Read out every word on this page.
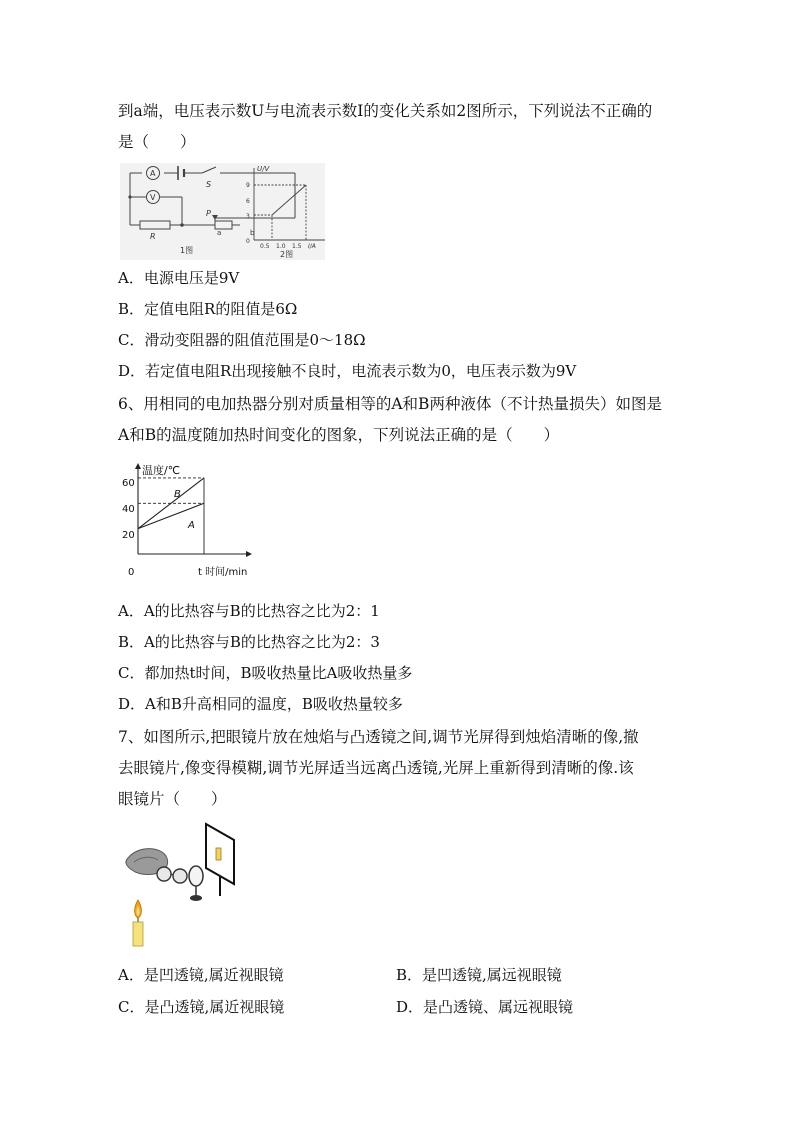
到a端，电压表示数U与电流表示数I的变化关系如2图所示，下列说法不正确的
是（　　）
A
V
S
R
P
a	b
1图
U/V
9
6
3
0
0.5 1.0 1.5 I/A
2图
A．电源电压是9V
B．定值电阻R的阻值是6Ω
C．滑动变阻器的阻值范围是0～18Ω
D．若定值电阻R出现接触不良时，电流表示数为0，电压表示数为9V
6、用相同的电加热器分别对质量相等的A和B两种液体（不计热量损失）如图是
A和B的温度随加热时间变化的图象，下列说法正确的是（　　）
温度/℃
60
40
20
0	t 时间/min
B
A
A．A的比热容与B的比热容之比为2：1
B．A的比热容与B的比热容之比为2：3
C．都加热t时间，B吸收热量比A吸收热量多
D．A和B升高相同的温度，B吸收热量较多
7、如图所示,把眼镜片放在烛焰与凸透镜之间,调节光屏得到烛焰清晰的像,撤
去眼镜片,像变得模糊,调节光屏适当远离凸透镜,光屏上重新得到清晰的像.该
眼镜片（　　）
A．是凹透镜,属近视眼镜	B．是凹透镜,属远视眼镜
C．是凸透镜,属近视眼镜	D．是凸透镜、属远视眼镜
